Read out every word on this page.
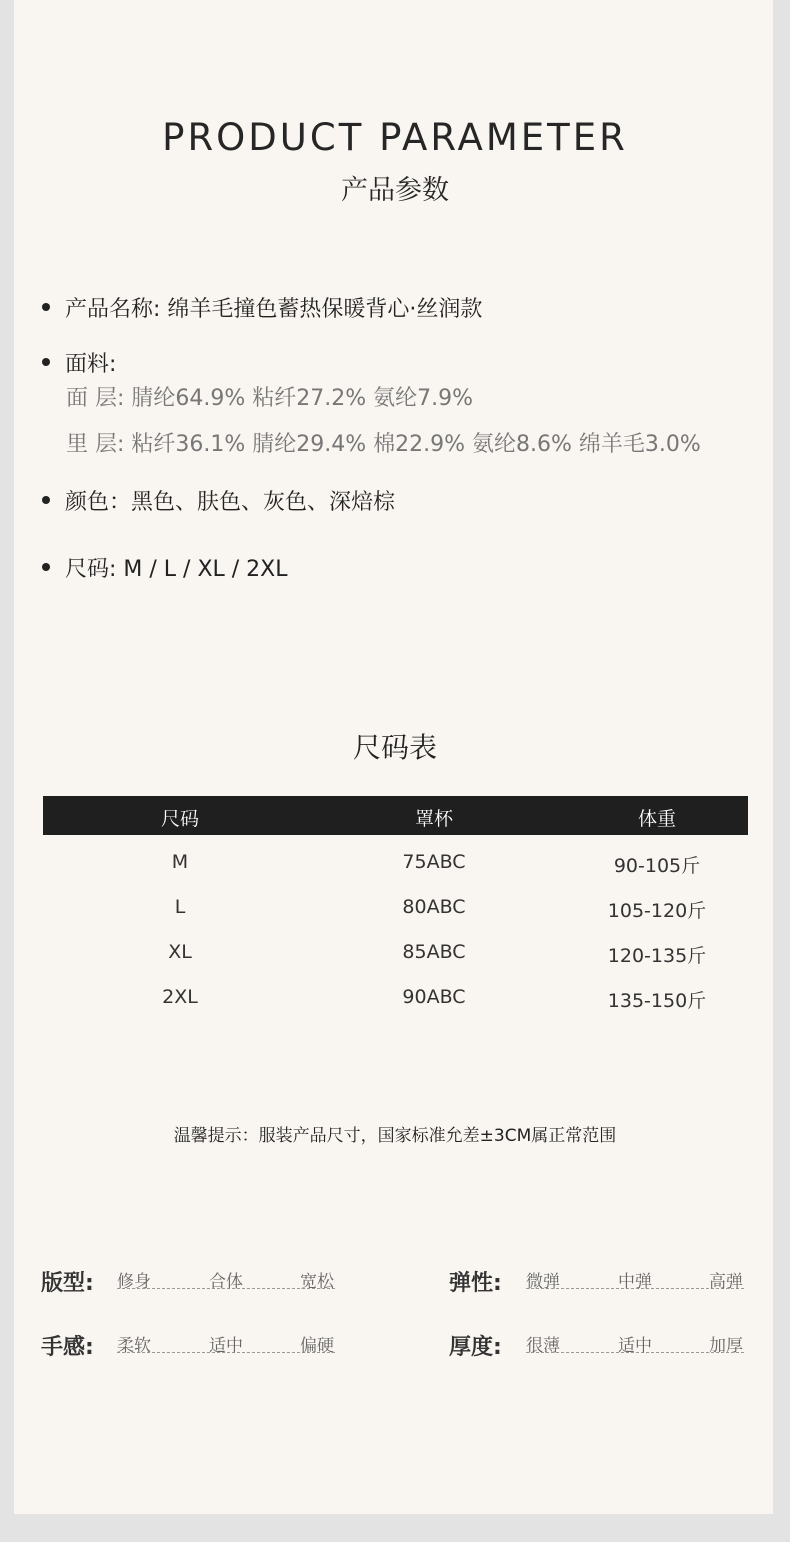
PRODUCT PARAMETER
产品参数
产品名称: 绵羊毛撞色蓄热保暖背心·丝润款
面料:
面 层: 腈纶64.9% 粘纤27.2% 氨纶7.9%
里 层: 粘纤36.1% 腈纶29.4% 棉22.9% 氨纶8.6% 绵羊毛3.0%
颜色：黑色、肤色、灰色、深焙棕
尺码: M / L / XL / 2XL
尺码表
尺码	罩杯	体重
M	75ABC	90-105斤
L	80ABC	105-120斤
XL	85ABC	120-135斤
2XL	90ABC	135-150斤
温馨提示：服装产品尺寸，国家标准允差±3CM属正常范围
版型: 修身	合体	宽松	弹性: 微弹	中弹	高弹
手感: 柔软	适中	偏硬	厚度: 很薄	适中	加厚
